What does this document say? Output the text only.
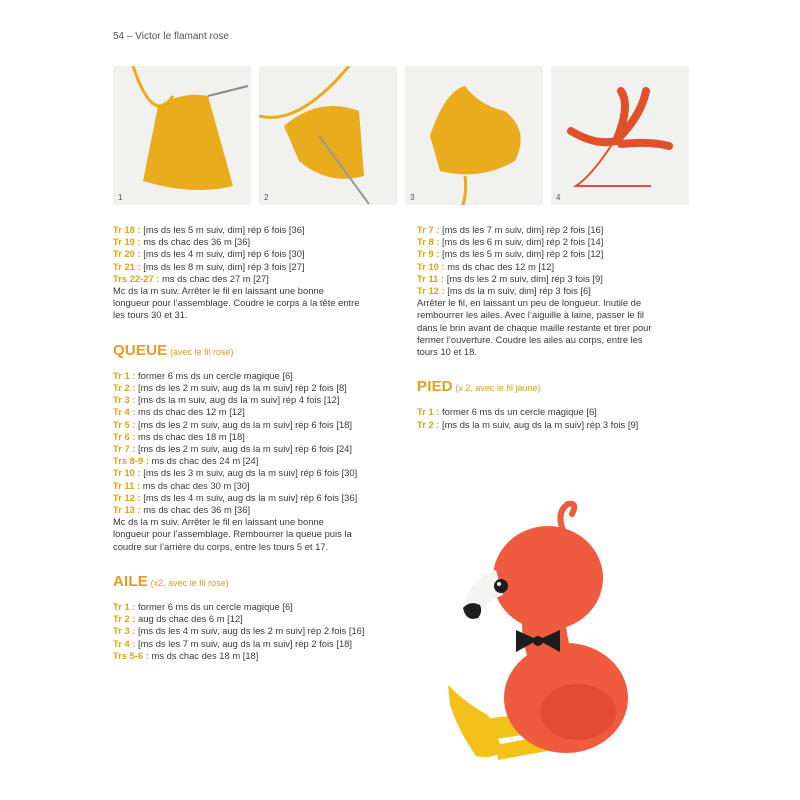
54 – Victor le flamant rose
1	2	3	4
Tr 18 : [ms ds les 5 m suiv, dim] rép 6 fois [36]
Tr 19 : ms ds chac des 36 m [36]
Tr 20 : [ms ds les 4 m suiv, dim] rép 6 fois [30]
Tr 21 : [ms ds les 8 m suiv, dim] rép 3 fois [27]
Trs 22-27 : ms ds chac des 27 m [27]
Mc ds la m suiv. Arrêter le fil en laissant une bonne
longueur pour l’assemblage. Coudre le corps à la tête entre
les tours 30 et 31.
QUEUE (avec le fil rose)
Tr 1 : former 6 ms ds un cercle magique [6]
Tr 2 : [ms ds les 2 m suiv, aug ds la m suiv] rép 2 fois [8]
Tr 3 : [ms ds la m suiv, aug ds la m suiv] rép 4 fois [12]
Tr 4 : ms ds chac des 12 m [12]
Tr 5 : [ms ds les 2 m suiv, aug ds la m suiv] rép 6 fois [18]
Tr 6 : ms ds chac des 18 m [18]
Tr 7 : [ms ds les 2 m suiv, aug ds la m suiv] rép 6 fois [24]
Trs 8-9 : ms ds chac des 24 m [24]
Tr 10 : [ms ds les 3 m suiv, aug ds la m suiv] rép 6 fois [30]
Tr 11 : ms ds chac des 30 m [30]
Tr 12 : [ms ds les 4 m suiv, aug ds la m suiv] rép 6 fois [36]
Tr 13 : ms ds chac des 36 m [36]
Mc ds la m suiv. Arrêter le fil en laissant une bonne
longueur pour l’assemblage. Rembourrer la queue puis la
coudre sur l’arrière du corps, entre les tours 5 et 17.
AILE (x2, avec le fil rose)
Tr 1 : former 6 ms ds un cercle magique [6]
Tr 2 : aug ds chac des 6 m [12]
Tr 3 : [ms ds les 4 m suiv, aug ds les 2 m suiv] rép 2 fois [16]
Tr 4 : [ms ds les 7 m suiv, aug ds la m suiv] rép 2 fois [18]
Trs 5-6 : ms ds chac des 18 m [18]
Tr 7 : [ms ds les 7 m suiv, dim] rép 2 fois [16]
Tr 8 : [ms ds les 6 m suiv, dim] rép 2 fois [14]
Tr 9 : [ms ds les 5 m suiv, dim] rép 2 fois [12]
Tr 10 : ms ds chac des 12 m [12]
Tr 11 : [ms ds les 2 m suiv, dim] rép 3 fois [9]
Tr 12 : [ms ds la m suiv, dim] rép 3 fois [6]
Arrêter le fil, en laissant un peu de longueur. Inutile de
rembourrer les ailes. Avec l’aiguille à laine, passer le fil
dans le brin avant de chaque maille restante et tirer pour
fermer l’ouverture. Coudre les ailes au corps, entre les
tours 10 et 18.
PIED (x 2, avec le fil jaune)
Tr 1 : former 6 ms ds un cercle magique [6]
Tr 2 : [ms ds la m suiv, aug ds la m suiv] rép 3 fois [9]
